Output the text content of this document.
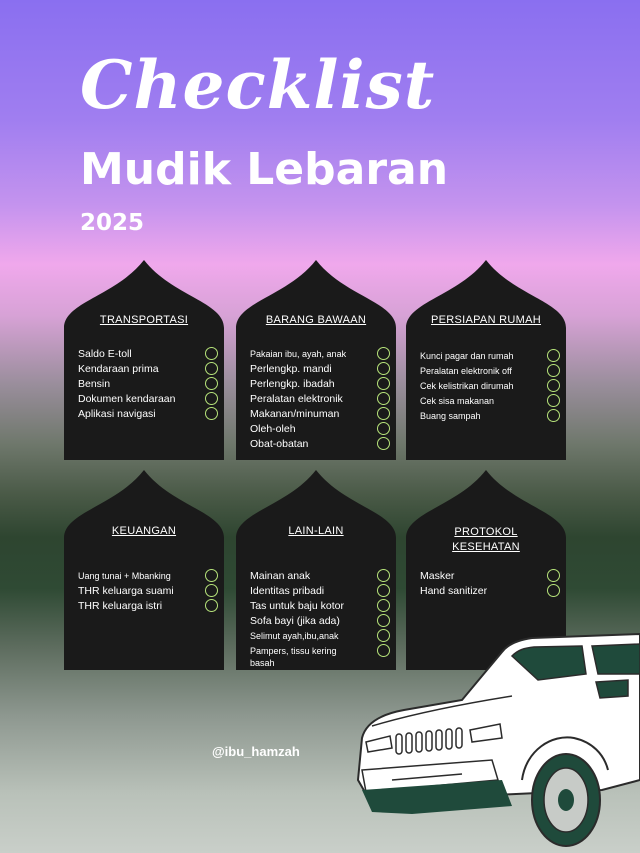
Checklist
Mudik Lebaran
2025
TRANSPORTASI
Saldo E-toll
Kendaraan prima
Bensin
Dokumen kendaraan
Aplikasi navigasi
BARANG BAWAAN
Pakaian ibu, ayah, anak
Perlengkp. mandi
Perlengkp. ibadah
Peralatan elektronik
Makanan/minuman
Oleh-oleh
Obat-obatan
PERSIAPAN RUMAH
Kunci pagar dan rumah
Peralatan elektronik off
Cek kelistrikan dirumah
Cek sisa makanan
Buang sampah
KEUANGAN
Uang tunai + Mbanking
THR keluarga suami
THR keluarga istri
LAIN-LAIN
Mainan anak
Identitas pribadi
Tas untuk baju kotor
Sofa bayi (jika ada)
Selimut ayah,ibu,anak
Pampers, tissu kering basah
PROTOKOL KESEHATAN
Masker
Hand sanitizer
@ibu_hamzah
